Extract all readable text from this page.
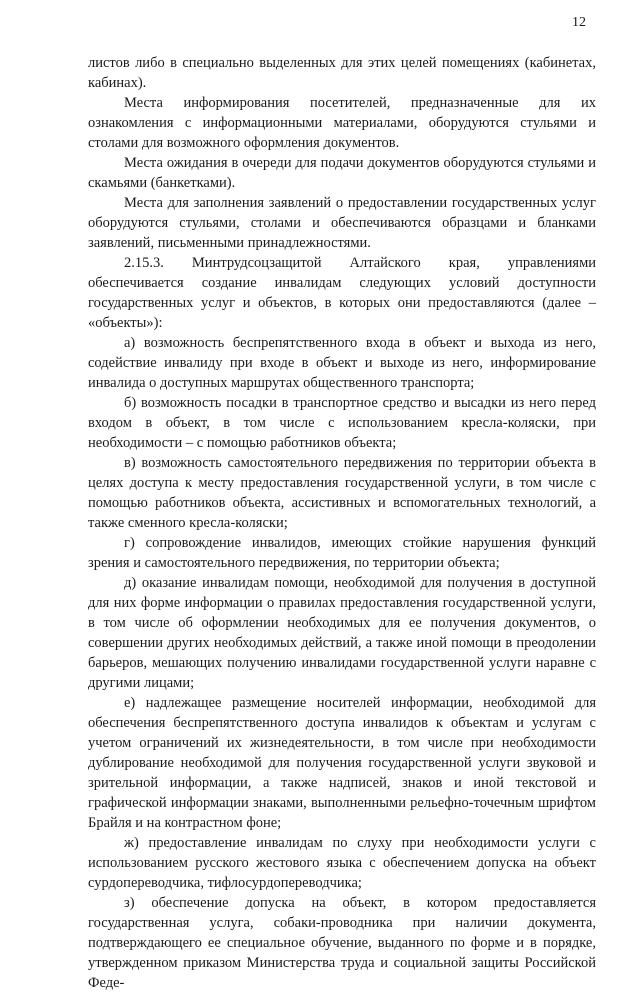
12

листов либо в специально выделенных для этих целей помещениях (кабинетах, кабинах).

Места информирования посетителей, предназначенные для их ознакомления с информационными материалами, оборудуются стульями и столами для возможного оформления документов.

Места ожидания в очереди для подачи документов оборудуются стульями и скамьями (банкетками).

Места для заполнения заявлений о предоставлении государственных услуг оборудуются стульями, столами и обеспечиваются образцами и бланками заявлений, письменными принадлежностями.

2.15.3. Минтрудсоцзащитой Алтайского края, управлениями обеспечивается создание инвалидам следующих условий доступности государственных услуг и объектов, в которых они предоставляются (далее – «объекты»):

а) возможность беспрепятственного входа в объект и выхода из него, содействие инвалиду при входе в объект и выходе из него, информирование инвалида о доступных маршрутах общественного транспорта;

б) возможность посадки в транспортное средство и высадки из него перед входом в объект, в том числе с использованием кресла-коляски, при необходимости – с помощью работников объекта;

в) возможность самостоятельного передвижения по территории объекта в целях доступа к месту предоставления государственной услуги, в том числе с помощью работников объекта, ассистивных и вспомогательных технологий, а также сменного кресла-коляски;

г) сопровождение инвалидов, имеющих стойкие нарушения функций зрения и самостоятельного передвижения, по территории объекта;

д) оказание инвалидам помощи, необходимой для получения в доступной для них форме информации о правилах предоставления государственной услуги, в том числе об оформлении необходимых для ее получения документов, о совершении других необходимых действий, а также иной помощи в преодолении барьеров, мешающих получению инвалидами государственной услуги наравне с другими лицами;

е) надлежащее размещение носителей информации, необходимой для обеспечения беспрепятственного доступа инвалидов к объектам и услугам с учетом ограничений их жизнедеятельности, в том числе при необходимости дублирование необходимой для получения государственной услуги звуковой и зрительной информации, а также надписей, знаков и иной текстовой и графической информации знаками, выполненными рельефно-точечным шрифтом Брайля и на контрастном фоне;

ж) предоставление инвалидам по слуху при необходимости услуги с использованием русского жестового языка с обеспечением допуска на объект сурдопереводчика, тифлосурдопереводчика;

з) обеспечение допуска на объект, в котором предоставляется государственная услуга, собаки-проводника при наличии документа, подтверждающего ее специальное обучение, выданного по форме и в порядке, утвержденном приказом Министерства труда и социальной защиты Российской Феде-
